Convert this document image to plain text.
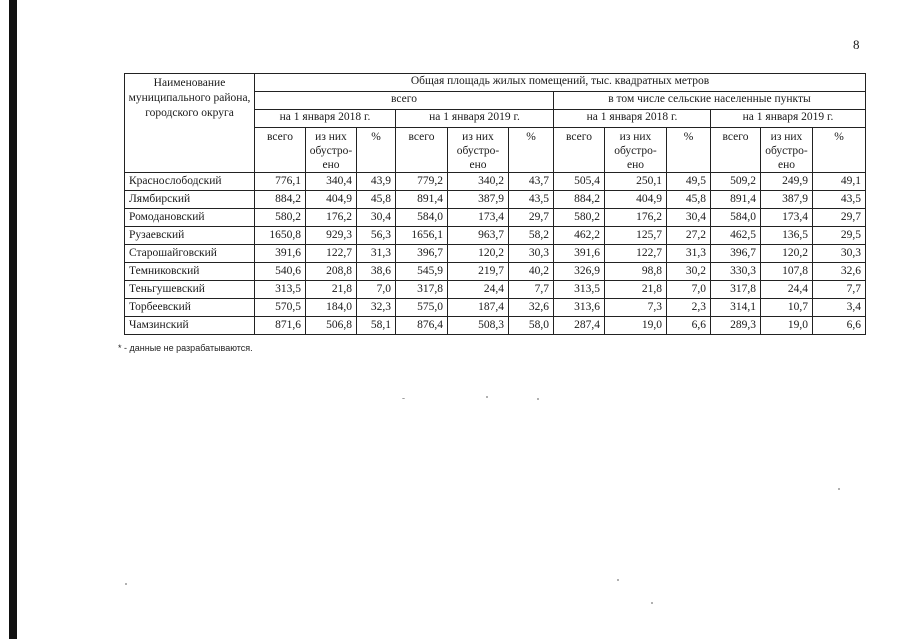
8
Наименование муниципального района, городского округа	Общая площадь жилых помещений, тыс. квадратных метров											
	всего						в том числе сельские населенные пункты					
	на 1 января 2018 г.			на 1 января 2019 г.			на 1 января 2018 г.			на 1 января 2019 г.		
	всего	из них обустро-ено	%	всего	из них обустро-ено	%	всего	из них обустро-ено	%	всего	из них обустро-ено	%
Краснослободский	776,1	340,4	43,9	779,2	340,2	43,7	505,4	250,1	49,5	509,2	249,9	49,1
Лямбирский	884,2	404,9	45,8	891,4	387,9	43,5	884,2	404,9	45,8	891,4	387,9	43,5
Ромодановский	580,2	176,2	30,4	584,0	173,4	29,7	580,2	176,2	30,4	584,0	173,4	29,7
Рузаевский	1650,8	929,3	56,3	1656,1	963,7	58,2	462,2	125,7	27,2	462,5	136,5	29,5
Старошайговский	391,6	122,7	31,3	396,7	120,2	30,3	391,6	122,7	31,3	396,7	120,2	30,3
Темниковский	540,6	208,8	38,6	545,9	219,7	40,2	326,9	98,8	30,2	330,3	107,8	32,6
Теньгушевский	313,5	21,8	7,0	317,8	24,4	7,7	313,5	21,8	7,0	317,8	24,4	7,7
Торбеевский	570,5	184,0	32,3	575,0	187,4	32,6	313,6	7,3	2,3	314,1	10,7	3,4
Чамзинский	871,6	506,8	58,1	876,4	508,3	58,0	287,4	19,0	6,6	289,3	19,0	6,6
* - данные не разрабатываются.
